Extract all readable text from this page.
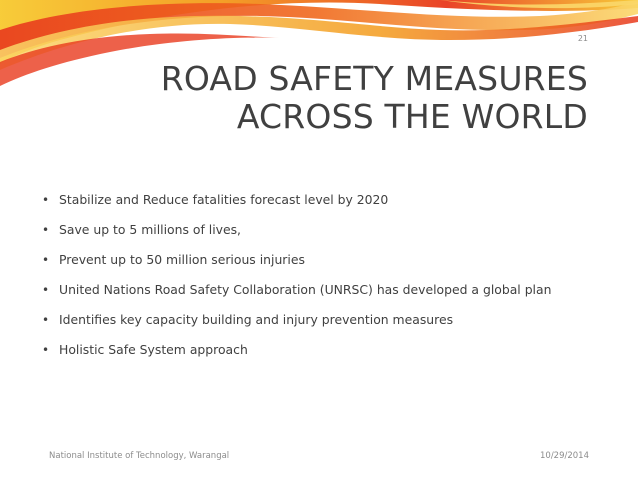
21
ROAD SAFETY MEASURES
ACROSS THE WORLD
• Stabilize and Reduce fatalities forecast level by 2020
• Save up to 5 millions of lives,
• Prevent up to 50 million serious injuries
• United Nations Road Safety Collaboration (UNRSC) has developed a global plan
• Identifies key capacity building and injury prevention measures
• Holistic Safe System approach
National Institute of Technology, Warangal	10/29/2014
